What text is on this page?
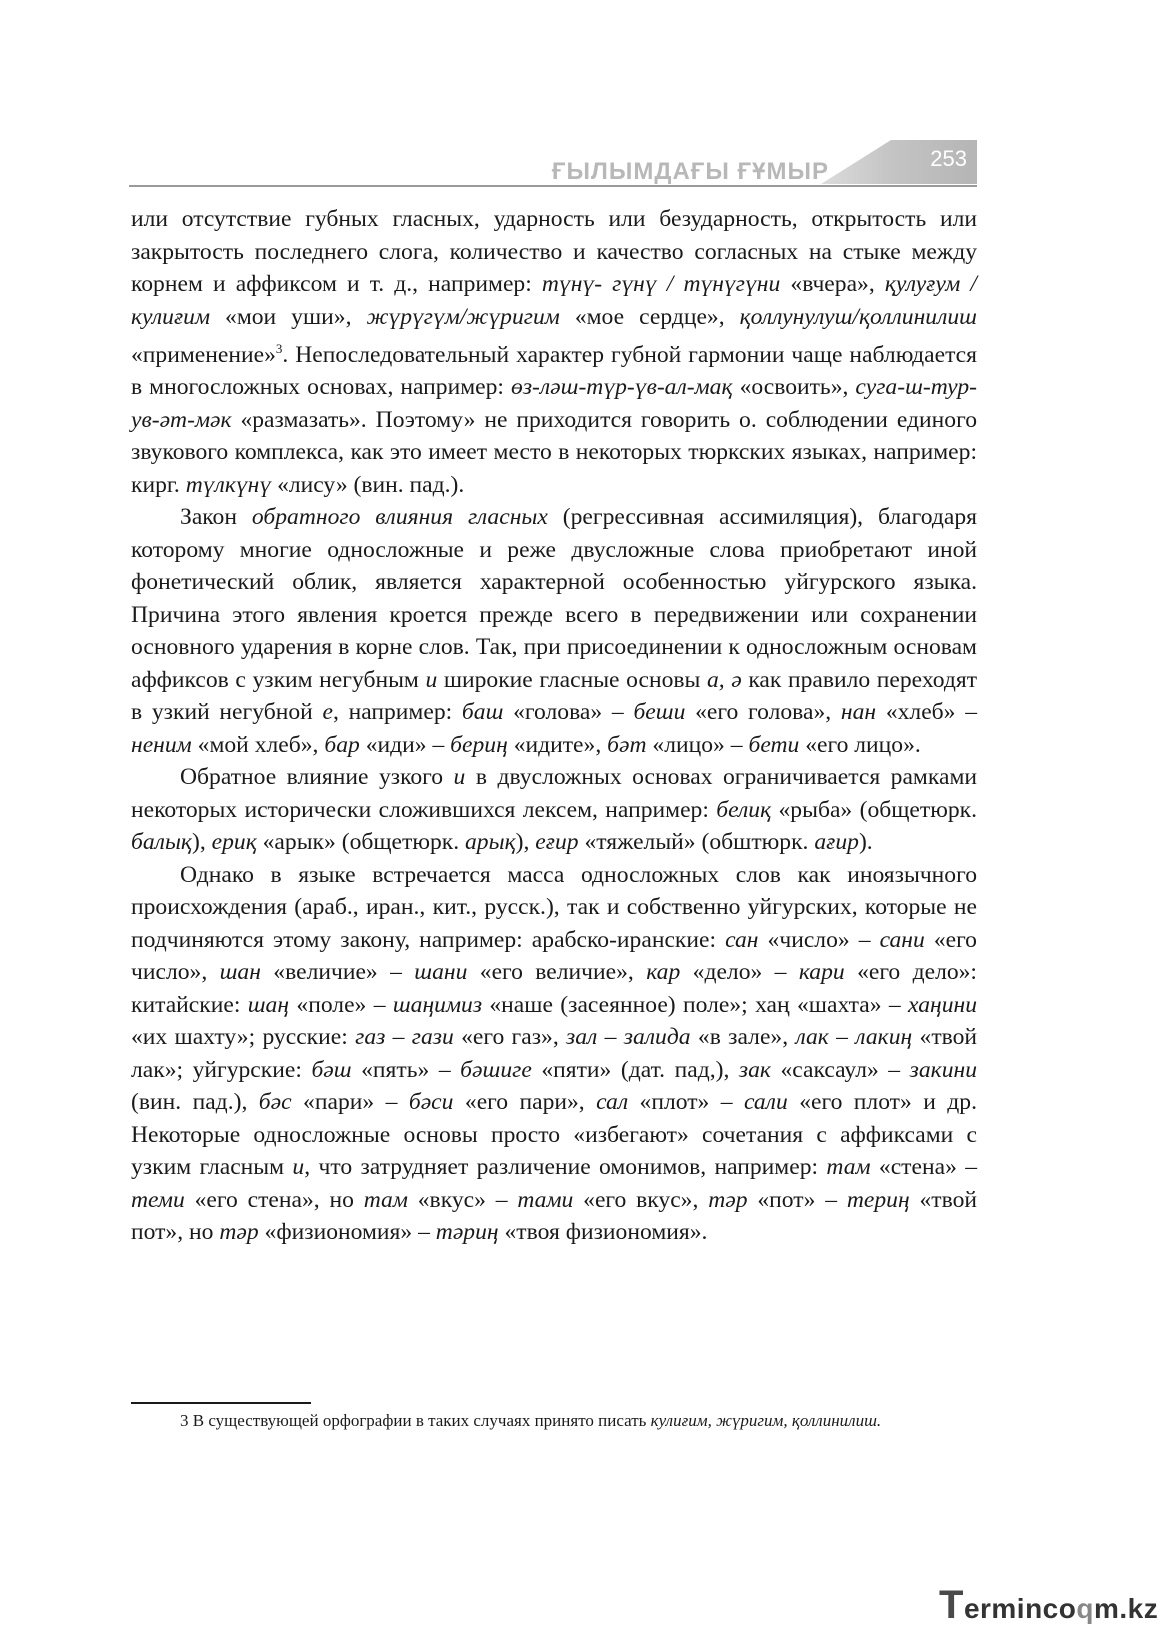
ҒЫЛЫМДАҒЫ ҒҰМЫР	253

или отсутствие губных гласных, ударность или безударность, открытость или закрытость последнего слога, количество и качество согласных на стыке между корнем и аффиксом и т. д., например: түнү- гүнү / түнүгүни «вчера», қулуғум / кулиғим «мои уши», жүрүгүм/жүригим «мое сердце», қоллунулуш/қоллинилиш «применение»$^3$. Непоследовательный характер губной гармонии чаще наблюдается в многосложных основах, например: өз-ләш-түр-үв-ал-мақ «освоить», суга-ш-тур-ув-әт-мәк «размазать». Поэтому» не приходится говорить о. соблюдении единого звукового комплекса, как это имеет место в некоторых тюркских языках, например: кирг. түлкүнү «лису» (вин. пад.).

Закон обратного влияния гласных (регрессивная ассимиляция), благодаря которому многие односложные и реже двусложные слова приобретают иной фонетический облик, является характерной особенностью уйгурского языка. Причина этого явления кроется прежде всего в передвижении или сохранении основного ударения в корне слов. Так, при присоединении к односложным основам аффиксов с узким негубным и широкие гласные основы а, ә как правило переходят в узкий негубной е, например: баш «голова» – беши «его голова», нан «хлеб» – неним «мой хлеб», бар «иди» – бериң «идите», бәт «лицо» – бети «его лицо».

Обратное влияние узкого и в двусложных основах ограничивается рамками некоторых исторически сложившихся лексем, например: белиқ «рыба» (общетюрк. балық), ериқ «арык» (общетюрк. арық), еғир «тяжелый» (обштюрк. ағир).

Однако в языке встречается масса односложных слов как иноязычного происхождения (араб., иран., кит., русск.), так и собственно уйгурских, которые не подчиняются этому закону, например: арабско-иранские: сан «число» – сани «его число», шан «величие» – шани «его величие», кар «дело» – кари «его дело»: китайские: шаң «поле» – шаңимиз «наше (засеянное) поле»; хаң «шахта» – хаңини «их шахту»; русские: газ – гази «его газ», зал – залида «в зале», лак – лакиң «твой лак»; уйгурские: бәш «пять» – бәшиге «пяти» (дат. пад,), зак «саксаул» – закини (вин. пад.), бәс «пари» – бәси «его пари», сал «плот» – сали «его плот» и др. Некоторые односложные основы просто «избегают» сочетания с аффиксами с узким гласным и, что затрудняет различение омонимов, например: там «стена» – теми «его стена», но там «вкус» – тами «его вкус», тәр «пот» – териң «твой пот», но тәр «физиономия» – тәриң «твоя физиономия».

3 В существующей орфографии в таких случаях принято писать кулиғим, жүригим, қоллинилиш.
Termincоqm.kz
